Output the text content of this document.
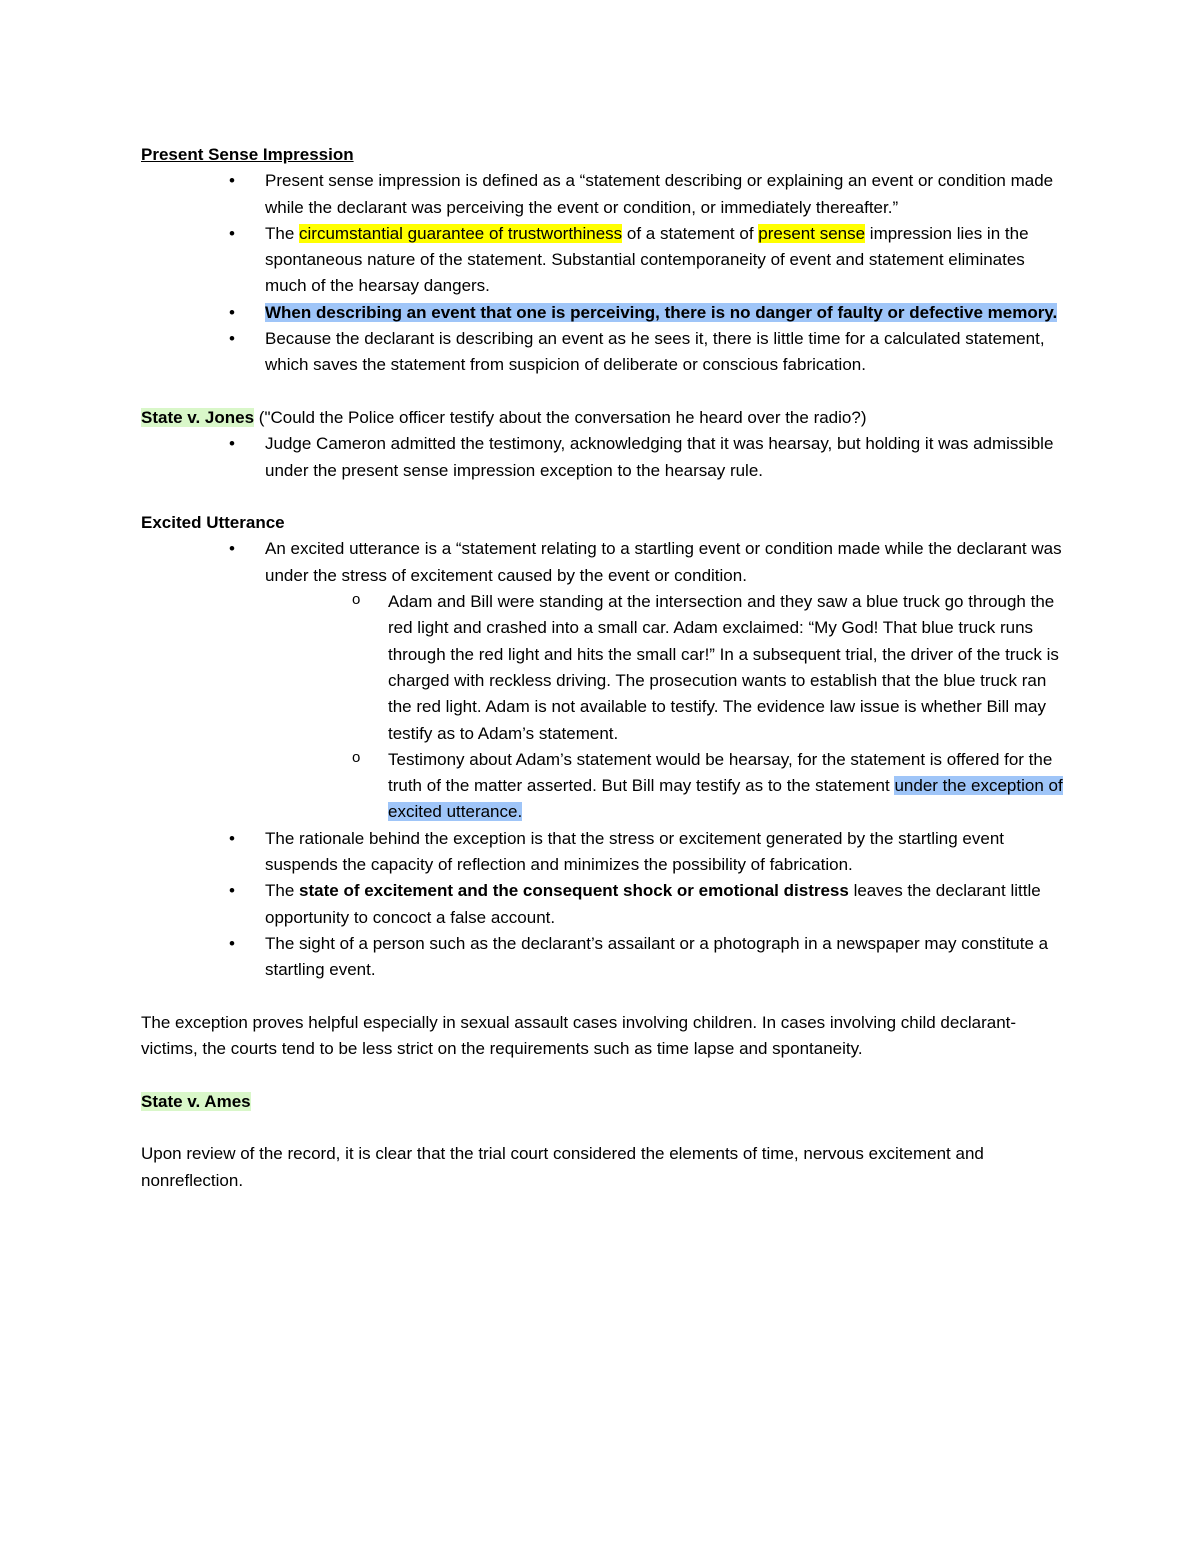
Present Sense Impression

• Present sense impression is defined as a “statement describing or explaining an event or condition made while the declarant was perceiving the event or condition, or immediately thereafter.”
• The circumstantial guarantee of trustworthiness of a statement of present sense impression lies in the spontaneous nature of the statement. Substantial contemporaneity of event and statement eliminates much of the hearsay dangers.
• When describing an event that one is perceiving, there is no danger of faulty or defective memory.
• Because the declarant is describing an event as he sees it, there is little time for a calculated statement, which saves the statement from suspicion of deliberate or conscious fabrication.

State v. Jones ("Could the Police officer testify about the conversation he heard over the radio?)

• Judge Cameron admitted the testimony, acknowledging that it was hearsay, but holding it was admissible under the present sense impression exception to the hearsay rule.

Excited Utterance

• An excited utterance is a “statement relating to a startling event or condition made while the declarant was under the stress of excitement caused by the event or condition.
o Adam and Bill were standing at the intersection and they saw a blue truck go through the red light and crashed into a small car. Adam exclaimed: “My God! That blue truck runs through the red light and hits the small car!” In a subsequent trial, the driver of the truck is charged with reckless driving. The prosecution wants to establish that the blue truck ran the red light. Adam is not available to testify. The evidence law issue is whether Bill may testify as to Adam’s statement.
o Testimony about Adam’s statement would be hearsay, for the statement is offered for the truth of the matter asserted. But Bill may testify as to the statement under the exception of excited utterance.
• The rationale behind the exception is that the stress or excitement generated by the startling event suspends the capacity of reflection and minimizes the possibility of fabrication.
• The state of excitement and the consequent shock or emotional distress leaves the declarant little opportunity to concoct a false account.
• The sight of a person such as the declarant’s assailant or a photograph in a newspaper may constitute a startling event.

The exception proves helpful especially in sexual assault cases involving children. In cases involving child declarant-victims, the courts tend to be less strict on the requirements such as time lapse and spontaneity.

State v. Ames

Upon review of the record, it is clear that the trial court considered the elements of time, nervous excitement and nonreflection.
